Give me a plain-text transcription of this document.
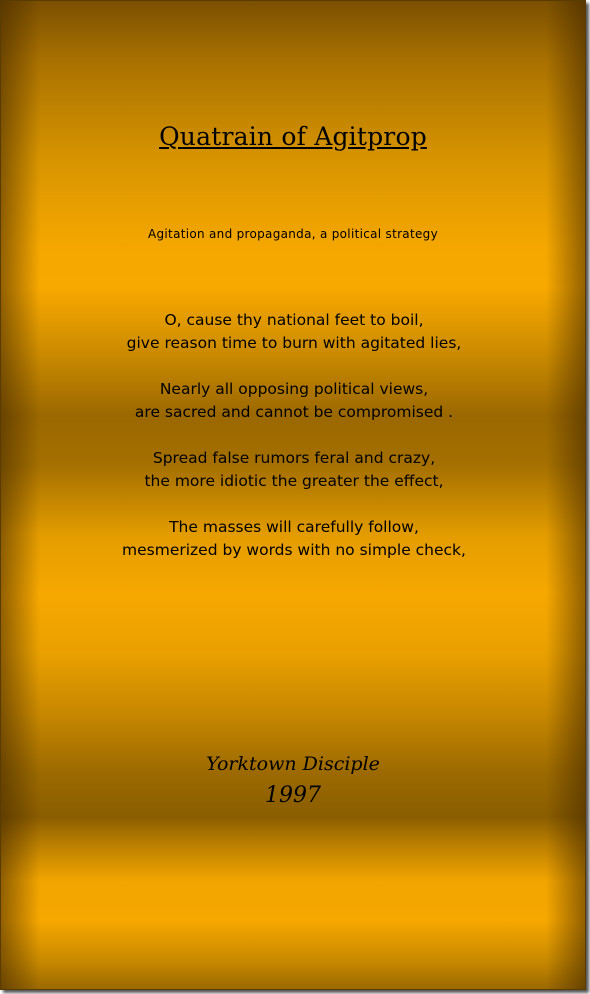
Quatrain of Agitprop
Agitation and propaganda, a political strategy
O, cause thy national feet to boil,
give reason time to burn with agitated lies,
Nearly all opposing political views,
are sacred and cannot be compromised .
Spread false rumors feral and crazy,
the more idiotic the greater the effect,
The masses will carefully follow,
mesmerized by words with no simple check,
Yorktown Disciple
1997
